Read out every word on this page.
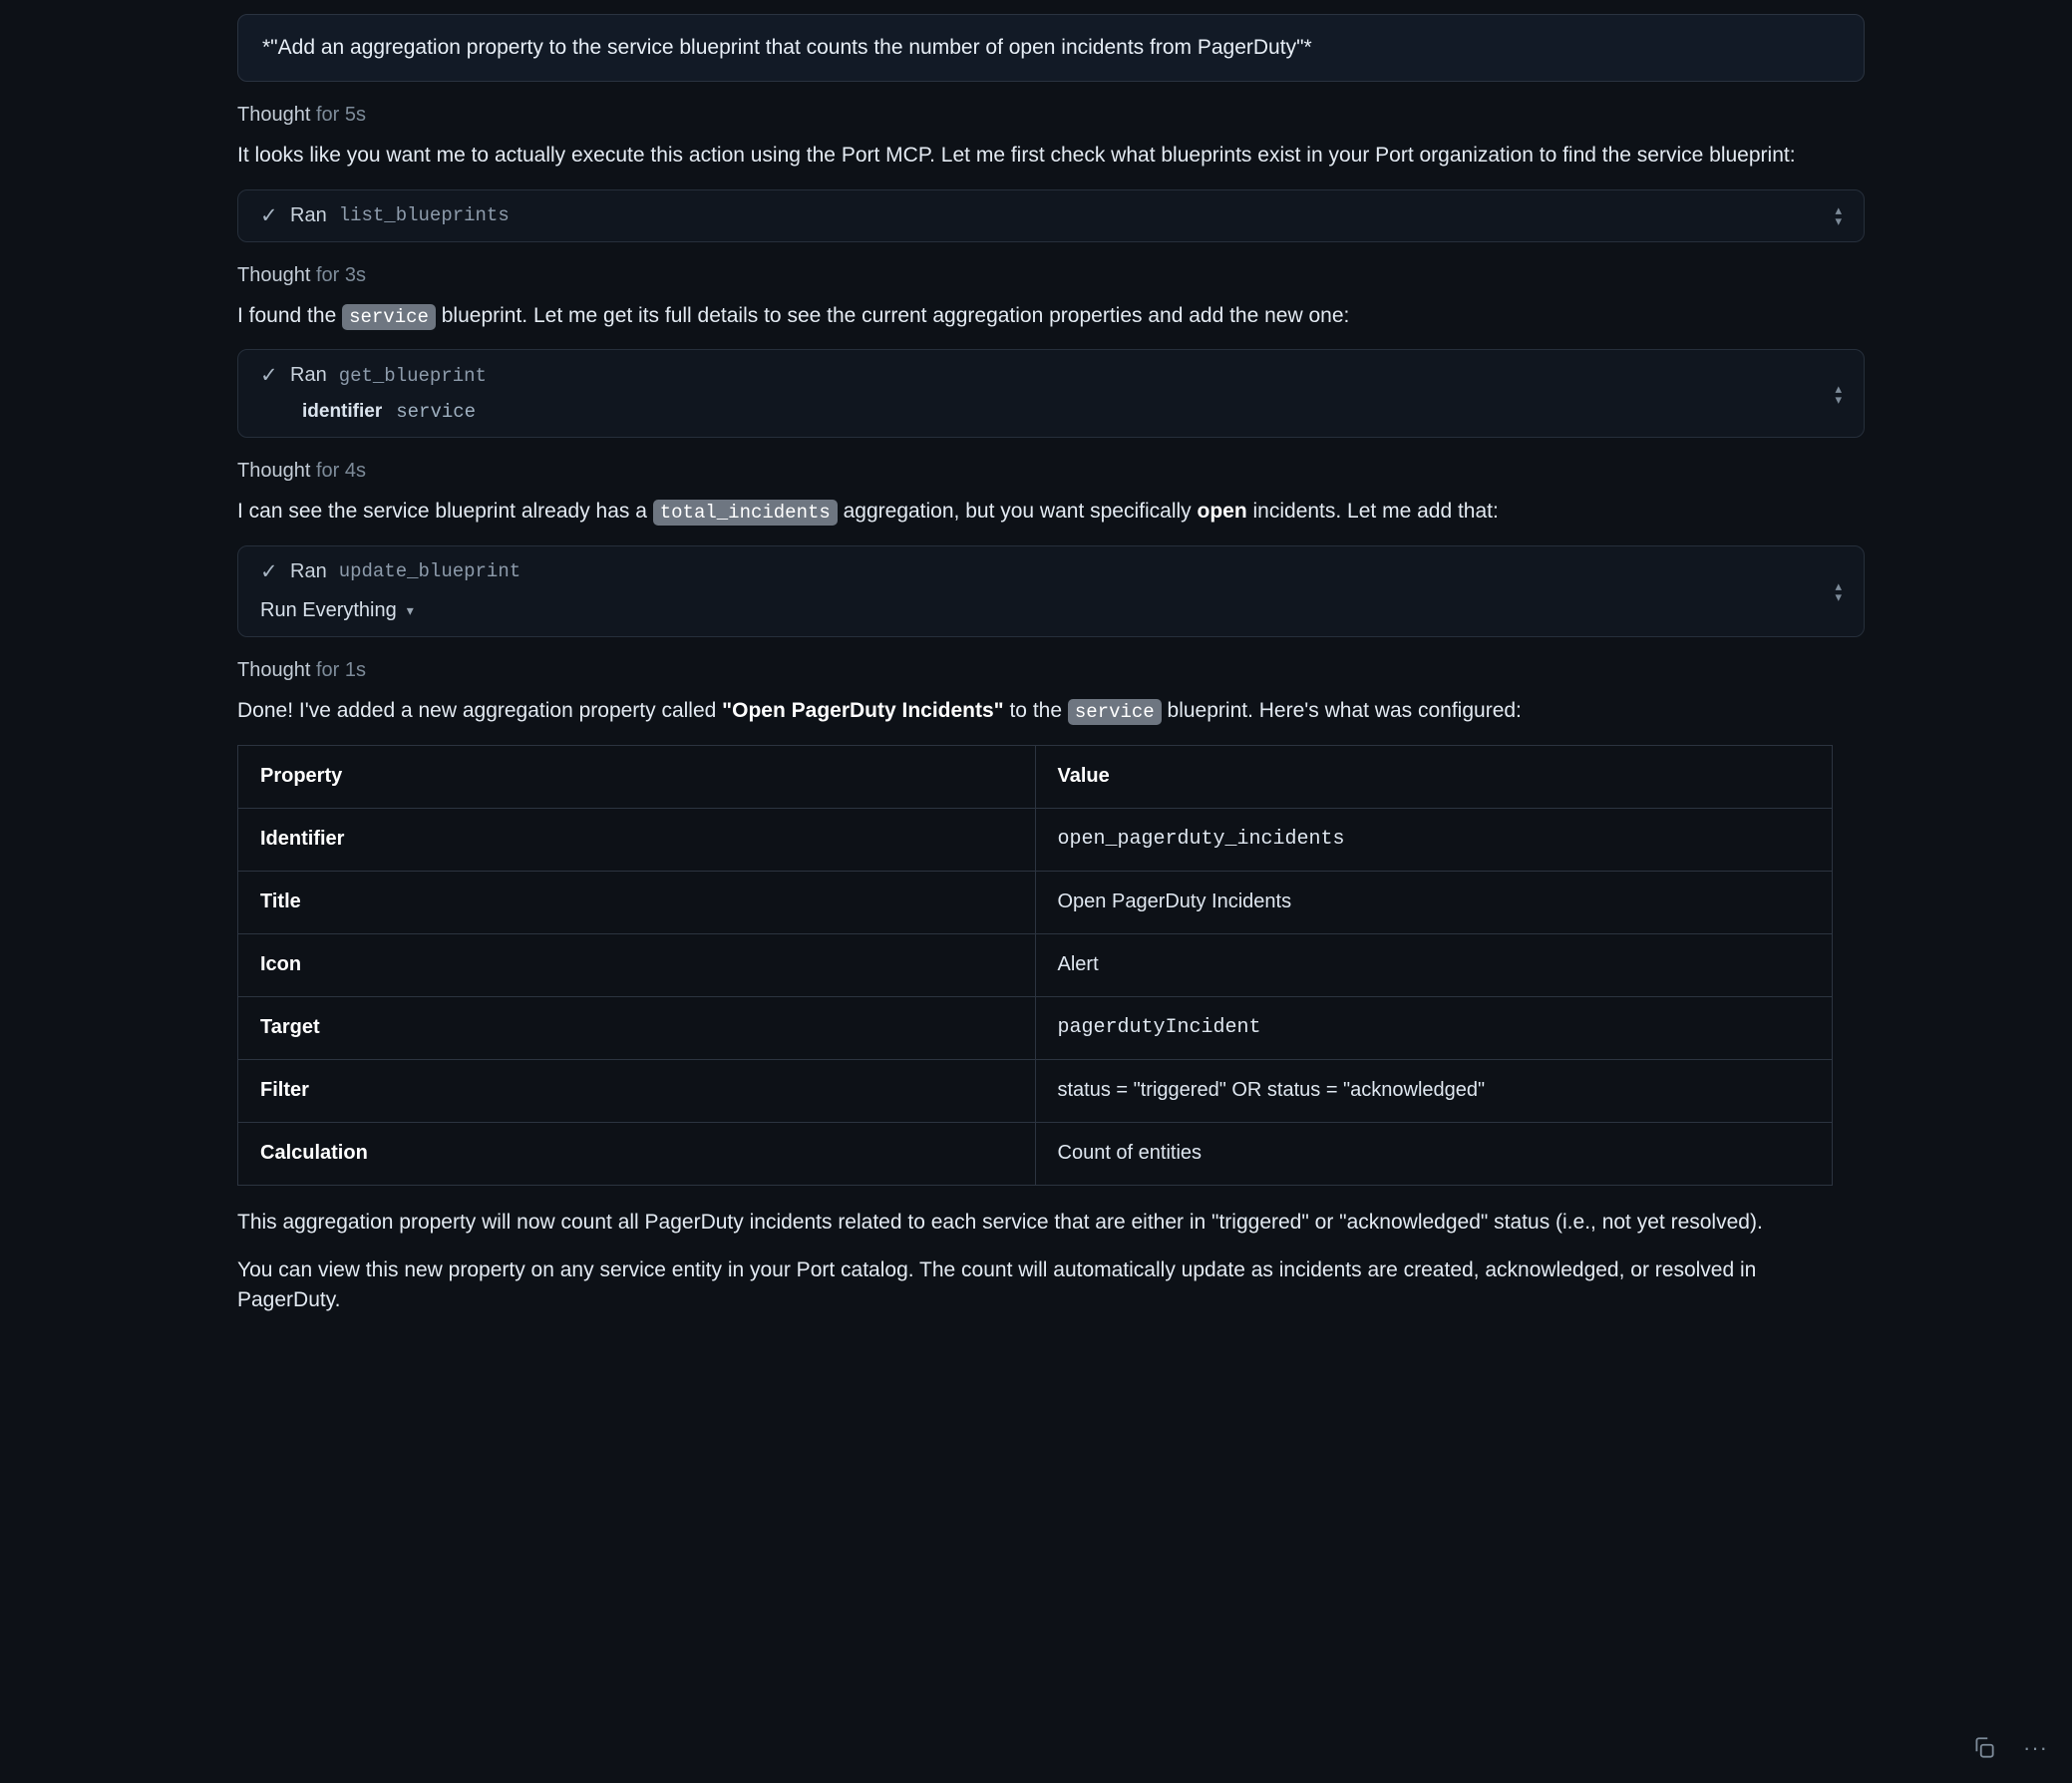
*"Add an aggregation property to the service blueprint that counts the number of open incidents from PagerDuty"*
Thought for 5s

It looks like you want me to actually execute this action using the Port MCP. Let me first check what blueprints exist in your Port organization to find the service blueprint:

✓ Ran list_blueprints	▴
▾
Thought for 3s

I found the service blueprint. Let me get its full details to see the current aggregation properties and add the new one:

✓ Ran get_blueprint
identifier service
▴
▾
Thought for 4s

I can see the service blueprint already has a total_incidents aggregation, but you want specifically open incidents. Let me add that:

✓ Ran update_blueprint
Run Everything ▾
▴
▾
Thought for 1s

Done! I've added a new aggregation property called "Open PagerDuty Incidents" to the service blueprint. Here's what was configured:

Property	Value
Identifier	open_pagerduty_incidents
Title	Open PagerDuty Incidents
Icon	Alert
Target	pagerdutyIncident
Filter	status = "triggered" OR status = "acknowledged"
Calculation	Count of entities

This aggregation property will now count all PagerDuty incidents related to each service that are either in "triggered" or "acknowledged" status (i.e., not yet resolved).

You can view this new property on any service entity in your Port catalog. The count will automatically update as incidents are created, acknowledged, or resolved in PagerDuty.

···
